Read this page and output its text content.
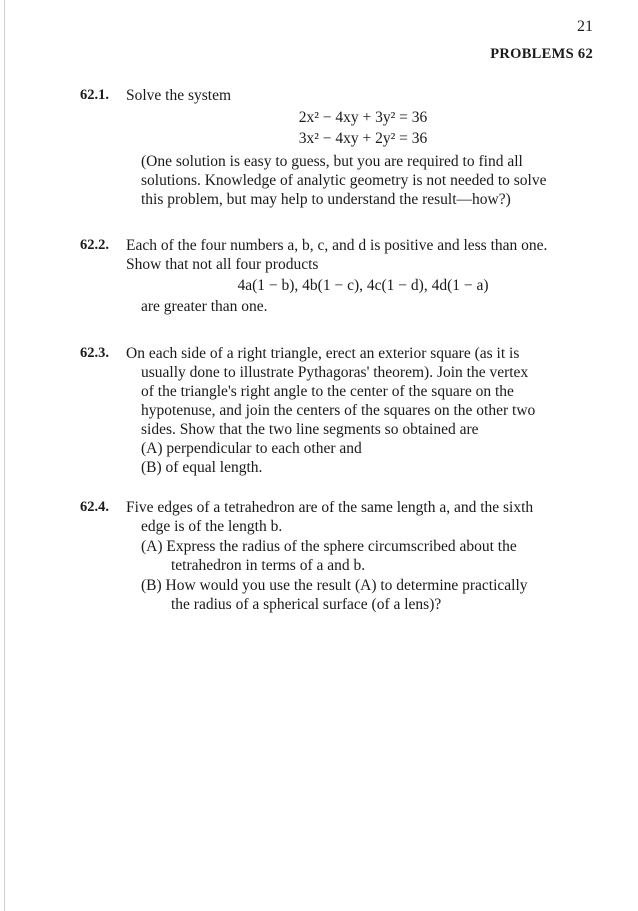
21
PROBLEMS 62
62.1.	Solve the system
2x² − 4xy + 3y² = 36
3x² − 4xy + 2y² = 36
(One solution is easy to guess, but you are required to find all
solutions. Knowledge of analytic geometry is not needed to solve
this problem, but may help to understand the result—how?)
62.2.	Each of the four numbers a, b, c, and d is positive and less than one.
Show that not all four products
4a(1 − b), 4b(1 − c), 4c(1 − d), 4d(1 − a)
are greater than one.
62.3.	On each side of a right triangle, erect an exterior square (as it is
usually done to illustrate Pythagoras' theorem). Join the vertex
of the triangle's right angle to the center of the square on the
hypotenuse, and join the centers of the squares on the other two
sides. Show that the two line segments so obtained are
(A) perpendicular to each other and
(B) of equal length.
62.4.	Five edges of a tetrahedron are of the same length a, and the sixth
edge is of the length b.
(A) Express the radius of the sphere circumscribed about the
tetrahedron in terms of a and b.
(B) How would you use the result (A) to determine practically
the radius of a spherical surface (of a lens)?
